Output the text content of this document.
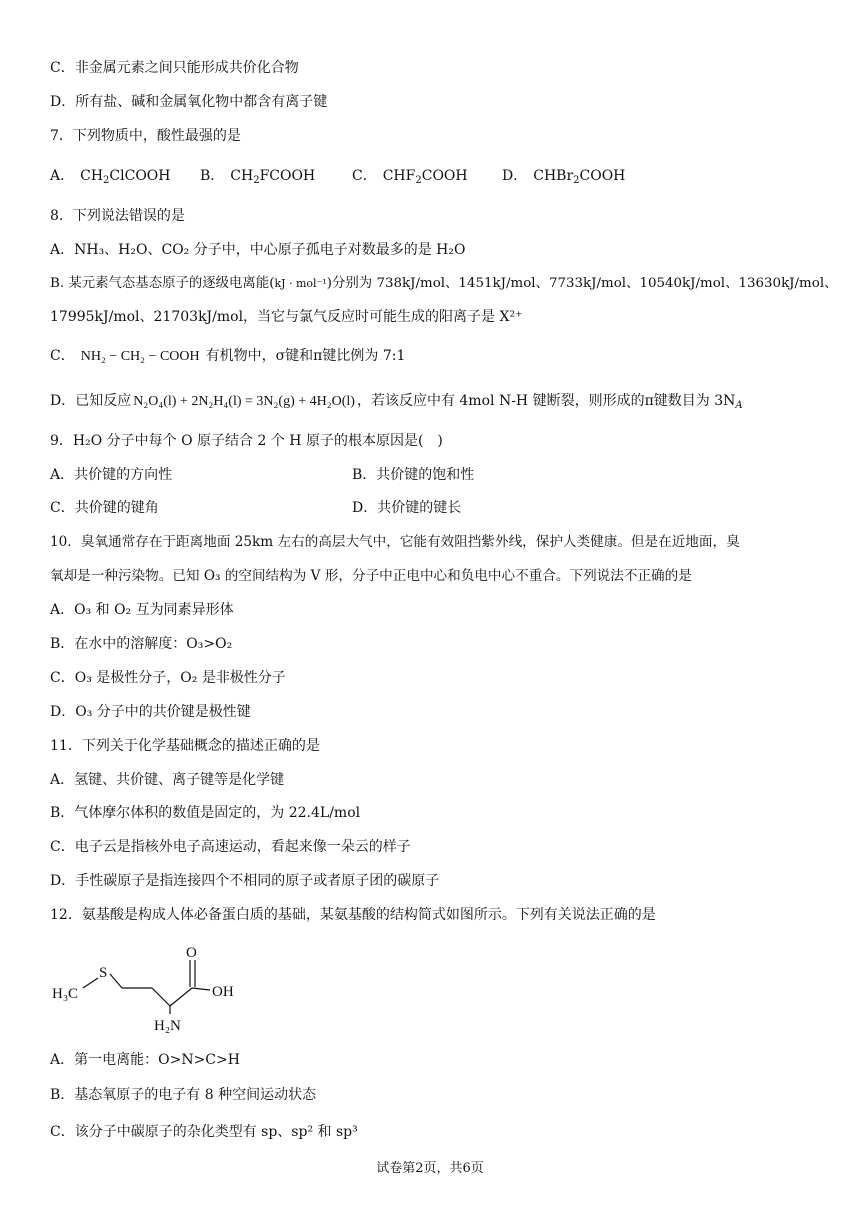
C．非金属元素之间只能形成共价化合物
D．所有盐、碱和金属氧化物中都含有离子键
7．下列物质中，酸性最强的是
A． $CH_2ClCOOH$ B． $CH_2FCOOH$	C． $CHF_2COOH$ D． CHBr$_2$COOH
8．下列说法错误的是
A．NH₃、H₂O、CO₂ 分子中，中心原子孤电子对数最多的是 H₂O
B. 某元素气态基态原子的逐级电离能(kJ · mol⁻¹)分别为 738kJ/mol、1451kJ/mol、7733kJ/mol、10540kJ/mol、13630kJ/mol、
17995kJ/mol、21703kJ/mol，当它与氯气反应时可能生成的阳离子是 X²⁺
C． NH₂ − CH₂ − COOH 有机物中，σ键和π键比例为 7:1
D．已知反应 N₂O₄(l) + 2N₂H₄(l) = 3N₂(g) + 4H₂O(l) ，若该反应中有 4mol N-H 键断裂，则形成的π键数目为 $3N_A$
9．H₂O 分子中每个 O 原子结合 2 个 H 原子的根本原因是(　)
A．共价键的方向性	B．共价键的饱和性
C．共价键的键角	D．共价键的键长
10．臭氧通常存在于距离地面 25km 左右的高层大气中，它能有效阻挡紫外线，保护人类健康。但是在近地面，臭
氧却是一种污染物。已知 O₃ 的空间结构为 V 形，分子中正电中心和负电中心不重合。下列说法不正确的是
A．O₃ 和 O₂ 互为同素异形体
B．在水中的溶解度：O₃>O₂
C．O₃ 是极性分子，O₂ 是非极性分子
D．O₃ 分子中的共价键是极性键
11．下列关于化学基础概念的描述正确的是
A．氢键、共价键、离子键等是化学键
B．气体摩尔体积的数值是固定的，为 22.4L/mol
C．电子云是指核外电子高速运动，看起来像一朵云的样子
D．手性碳原子是指连接四个不相同的原子或者原子团的碳原子
12．氨基酸是构成人体必备蛋白质的基础，某氨基酸的结构简式如图所示。下列有关说法正确的是
H₃C
S
O
OH
H₂N
A．第一电离能：O>N>C>H
B．基态氧原子的电子有 8 种空间运动状态
C．该分子中碳原子的杂化类型有 sp、sp² 和 sp³
试卷第2页，共6页
